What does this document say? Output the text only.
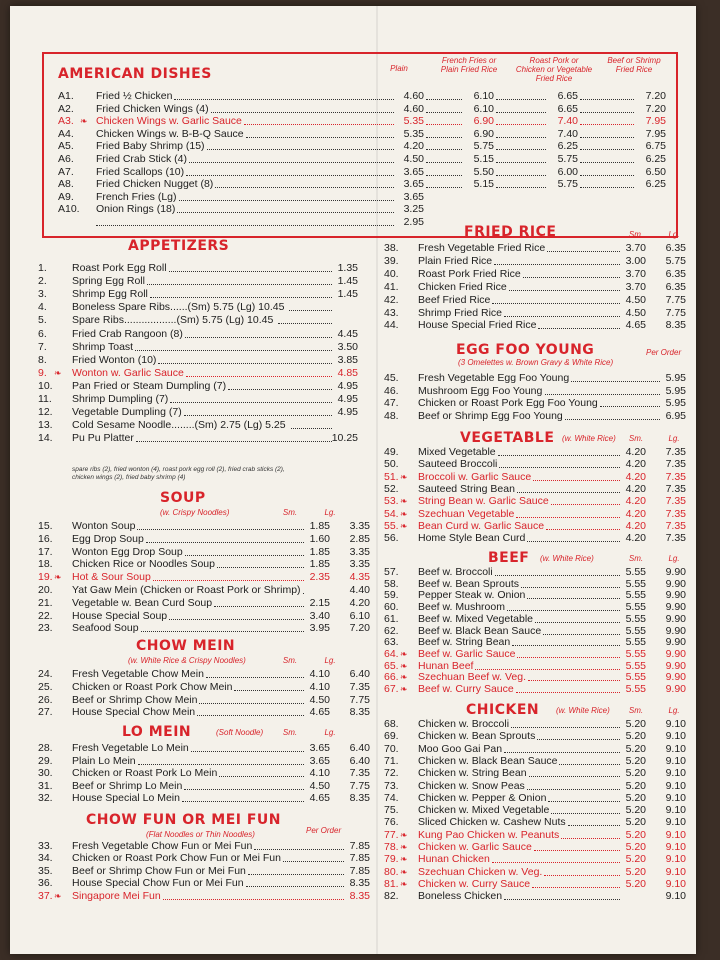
AMERICAN DISHES	Plain
French Fries or Plain Fried Rice
Roast Pork or Chicken or Vegetable Fried Rice
Beef or Shrimp Fried Rice
A1.	Fried ½ Chicken	4.60	6.10	6.65	7.20
A2.	Fried Chicken Wings (4)	4.60	6.10	6.65	7.20
A3. ❧ Chicken Wings w. Garlic Sauce	5.35	6.90	7.40	7.95
A4.	Chicken Wings w. B-B-Q Sauce	5.35	6.90	7.40	7.95
A5.	Fried Baby Shrimp (15)	4.20	5.75	6.25	6.75
A6.	Fried Crab Stick (4)	4.50	5.15	5.75	6.25
A7.	Fried Scallops (10)	3.65	5.50	6.00	6.50
A8.	Fried Chicken Nugget (8)	3.65	5.15	5.75	6.25
A9.	French Fries (Lg)	3.65
A10.	Onion Rings (18)	3.25
2.95
APPETIZERS
1.	Roast Pork Egg Roll	1.35
2.	Spring Egg Roll	1.45
3.	Shrimp Egg Roll	1.45
4.	Boneless Spare Ribs......(Sm) 5.75 (Lg) 10.45
5.	Spare Ribs..................(Sm) 5.75 (Lg) 10.45
6.	Fried Crab Rangoon (8)	4.45
7.	Shrimp Toast	3.50
8.	Fried Wonton (10)	3.85
9. ❧ Wonton w. Garlic Sauce	4.85
10.	Pan Fried or Steam Dumpling (7)	4.95
11.	Shrimp Dumpling (7)	4.95
12.	Vegetable Dumpling (7)	4.95
13.	Cold Sesame Noodle........(Sm) 2.75 (Lg) 5.25
14.	Pu Pu Platter	10.25
spare ribs (2), fried wonton (4), roast pork egg roll (2), fried crab sticks (2), chicken wings (2), fried baby shrimp (4)
SOUP
(w. Crispy Noodles)	Sm.	Lg.
15.	Wonton Soup	1.85	3.35
16.	Egg Drop Soup	1.60	2.85
17.	Wonton Egg Drop Soup	1.85	3.35
18.	Chicken Rice or Noodles Soup	1.85	3.35
19. ❧ Hot & Sour Soup	2.35	4.35
20.	Yat Gaw Mein (Chicken or Roast Pork or Shrimp)	4.40
21.	Vegetable w. Bean Curd Soup	2.15	4.20
22.	House Special Soup	3.40	6.10
23.	Seafood Soup	3.95	7.20
CHOW MEIN
(w. White Rice & Crispy Noodles)	Sm.	Lg.
24.	Fresh Vegetable Chow Mein	4.10	6.40
25.	Chicken or Roast Pork Chow Mein	4.10	7.35
26.	Beef or Shrimp Chow Mein	4.50	7.75
27.	House Special Chow Mein	4.65	8.35
LO MEIN	(Soft Noodle)	Sm.	Lg.
28.	Fresh Vegetable Lo Mein	3.65	6.40
29.	Plain Lo Mein	3.65	6.40
30.	Chicken or Roast Pork Lo Mein	4.10	7.35
31.	Beef or Shrimp Lo Mein	4.50	7.75
32.	House Special Lo Mein	4.65	8.35
CHOW FUN OR MEI FUN
(Flat Noodles or Thin Noodles)	Per Order
33.	Fresh Vegetable Chow Fun or Mei Fun	7.85
34.	Chicken or Roast Pork Chow Fun or Mei Fun	7.85
35.	Beef or Shrimp Chow Fun or Mei Fun	7.85
36.	House Special Chow Fun or Mei Fun	8.35
37. ❧ Singapore Mei Fun	8.35
FRIED RICE	Sm.	Lg.
38.	Fresh Vegetable Fried Rice	3.70	6.35
39.	Plain Fried Rice	3.00	5.75
40.	Roast Pork Fried Rice	3.70	6.35
41.	Chicken Fried Rice	3.70	6.35
42.	Beef Fried Rice	4.50	7.75
43.	Shrimp Fried Rice	4.50	7.75
44.	House Special Fried Rice	4.65	8.35
EGG FOO YOUNG
(3 Omelettes w. Brown Gravy & White Rice)
Per Order
45.	Fresh Vegetable Egg Foo Young	5.95
46.	Mushroom Egg Foo Young	5.95
47.	Chicken or Roast Pork Egg Foo Young	5.95
48.	Beef or Shrimp Egg Foo Young	6.95
VEGETABLE (w. White Rice)	Sm.	Lg.
49.	Mixed Vegetable	4.20	7.35
50.	Sauteed Broccoli	4.20	7.35
51. ❧ Broccoli w. Garlic Sauce	4.20	7.35
52.	Sauteed String Bean	4.20	7.35
53. ❧ String Bean w. Garlic Sauce	4.20	7.35
54. ❧ Szechuan Vegetable	4.20	7.35
55. ❧ Bean Curd w. Garlic Sauce	4.20	7.35
56.	Home Style Bean Curd	4.20	7.35
BEEF (w. White Rice)	Sm.	Lg.
57.	Beef w. Broccoli	5.55	9.90
58.	Beef w. Bean Sprouts	5.55	9.90
59.	Pepper Steak w. Onion	5.55	9.90
60.	Beef w. Mushroom	5.55	9.90
61.	Beef w. Mixed Vegetable	5.55	9.90
62.	Beef w. Black Bean Sauce	5.55	9.90
63.	Beef w. String Bean	5.55	9.90
64. ❧ Beef w. Garlic Sauce	5.55	9.90
65. ❧ Hunan Beef	5.55	9.90
66. ❧ Szechuan Beef w. Veg.	5.55	9.90
67. ❧ Beef w. Curry Sauce	5.55	9.90
CHICKEN (w. White Rice)	Sm.	Lg.
68.	Chicken w. Broccoli	5.20	9.10
69.	Chicken w. Bean Sprouts	5.20	9.10
70.	Moo Goo Gai Pan	5.20	9.10
71.	Chicken w. Black Bean Sauce	5.20	9.10
72.	Chicken w. String Bean	5.20	9.10
73.	Chicken w. Snow Peas	5.20	9.10
74.	Chicken w. Pepper & Onion	5.20	9.10
75.	Chicken w. Mixed Vegetable	5.20	9.10
76.	Sliced Chicken w. Cashew Nuts	5.20	9.10
77. ❧ Kung Pao Chicken w. Peanuts	5.20	9.10
78. ❧ Chicken w. Garlic Sauce	5.20	9.10
79. ❧ Hunan Chicken	5.20	9.10
80. ❧ Szechuan Chicken w. Veg.	5.20	9.10
81. ❧ Chicken w. Curry Sauce	5.20	9.10
82.	Boneless Chicken	9.10
